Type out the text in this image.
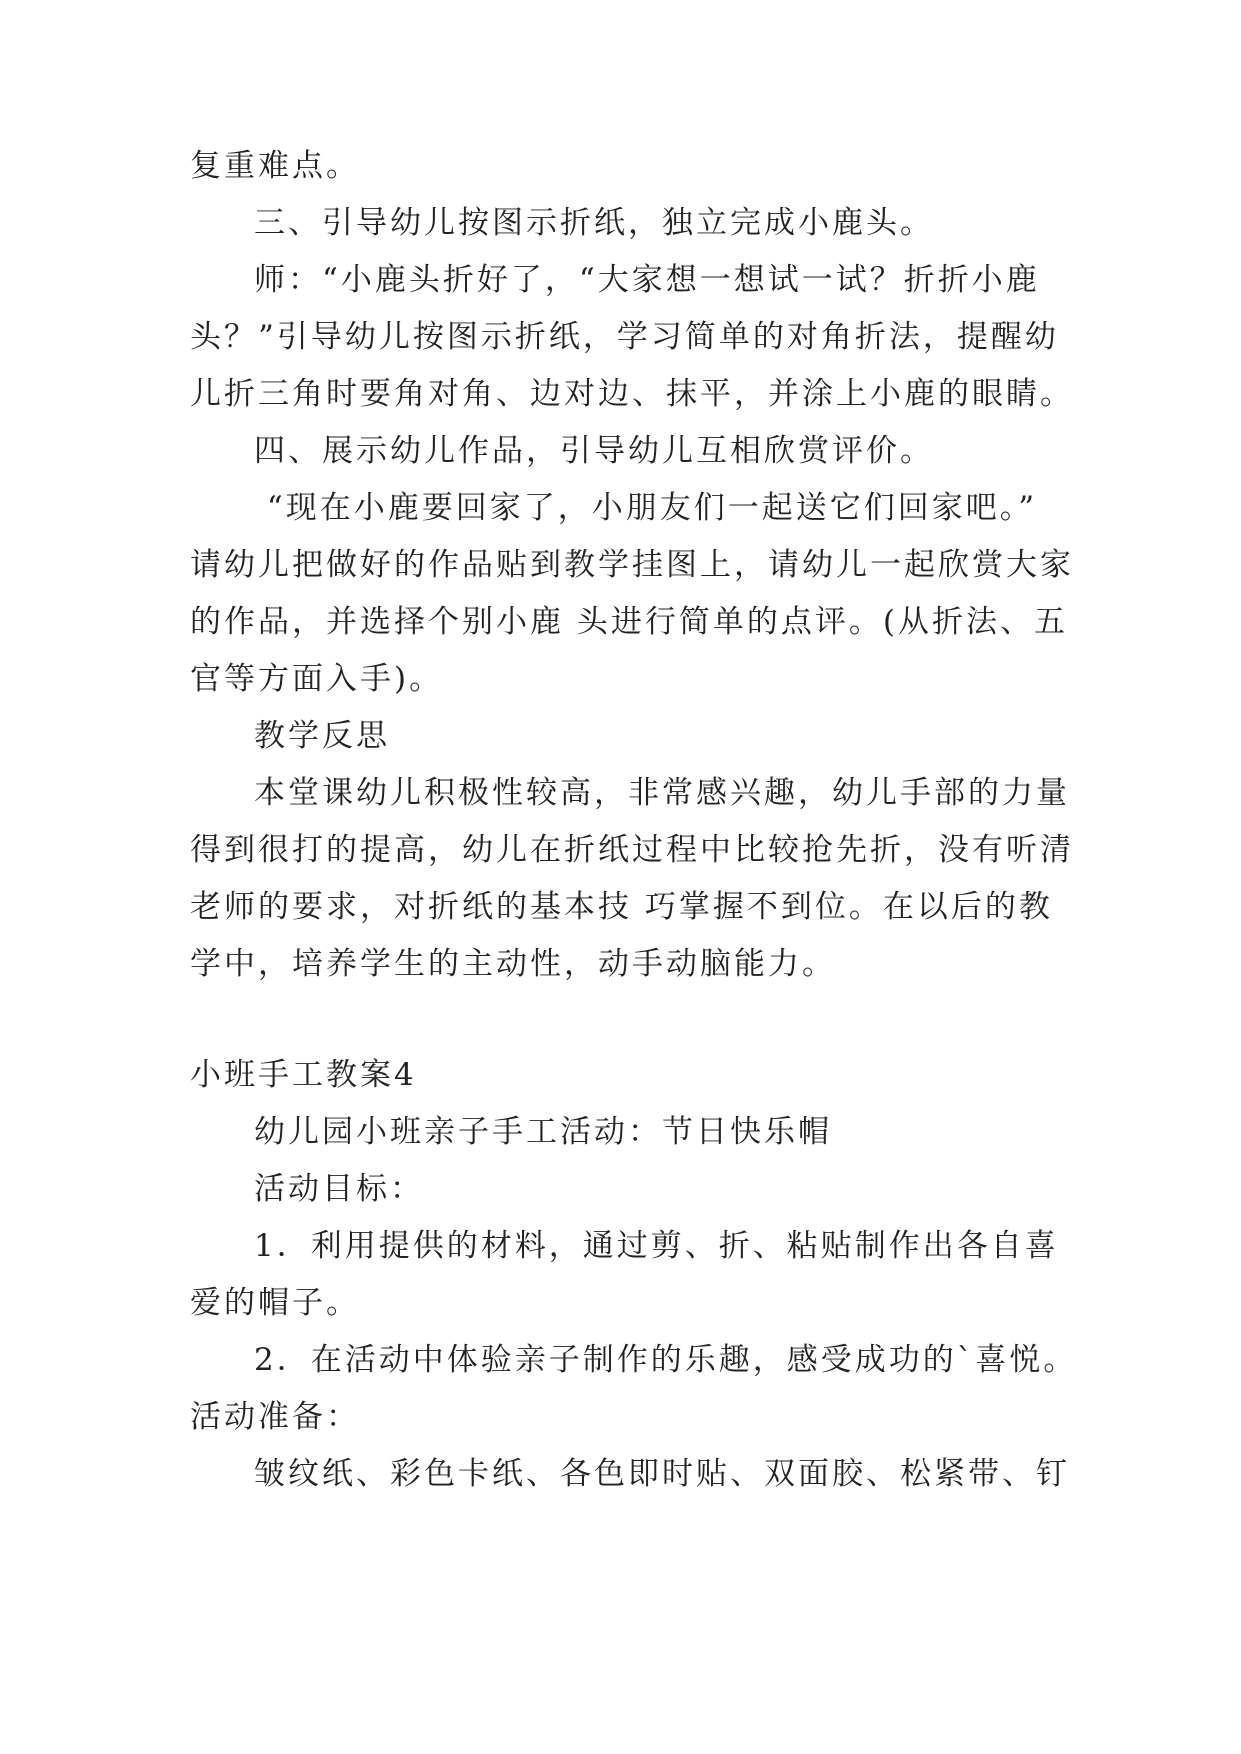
复重难点。
三、引导幼儿按图示折纸，独立完成小鹿头。
师：“小鹿头折好了，“大家想一想试一试？折折小鹿
头？”引导幼儿按图示折纸，学习简单的对角折法，提醒幼
儿折三角时要角对角、边对边、抹平，并涂上小鹿的眼睛。
四、展示幼儿作品，引导幼儿互相欣赏评价。
“现在小鹿要回家了，小朋友们一起送它们回家吧。”
请幼儿把做好的作品贴到教学挂图上，请幼儿一起欣赏大家
的作品，并选择个别小鹿 头进行简单的点评。(从折法、五
官等方面入手)。
教学反思
本堂课幼儿积极性较高，非常感兴趣，幼儿手部的力量
得到很打的提高，幼儿在折纸过程中比较抢先折，没有听清
老师的要求，对折纸的基本技 巧掌握不到位。在以后的教
学中，培养学生的主动性，动手动脑能力。
小班手工教案4
幼儿园小班亲子手工活动：节日快乐帽
活动目标：
1．利用提供的材料，通过剪、折、粘贴制作出各自喜
爱的帽子。
2．在活动中体验亲子制作的乐趣，感受成功的`喜悦。
活动准备：
皱纹纸、彩色卡纸、各色即时贴、双面胶、松紧带、钉
